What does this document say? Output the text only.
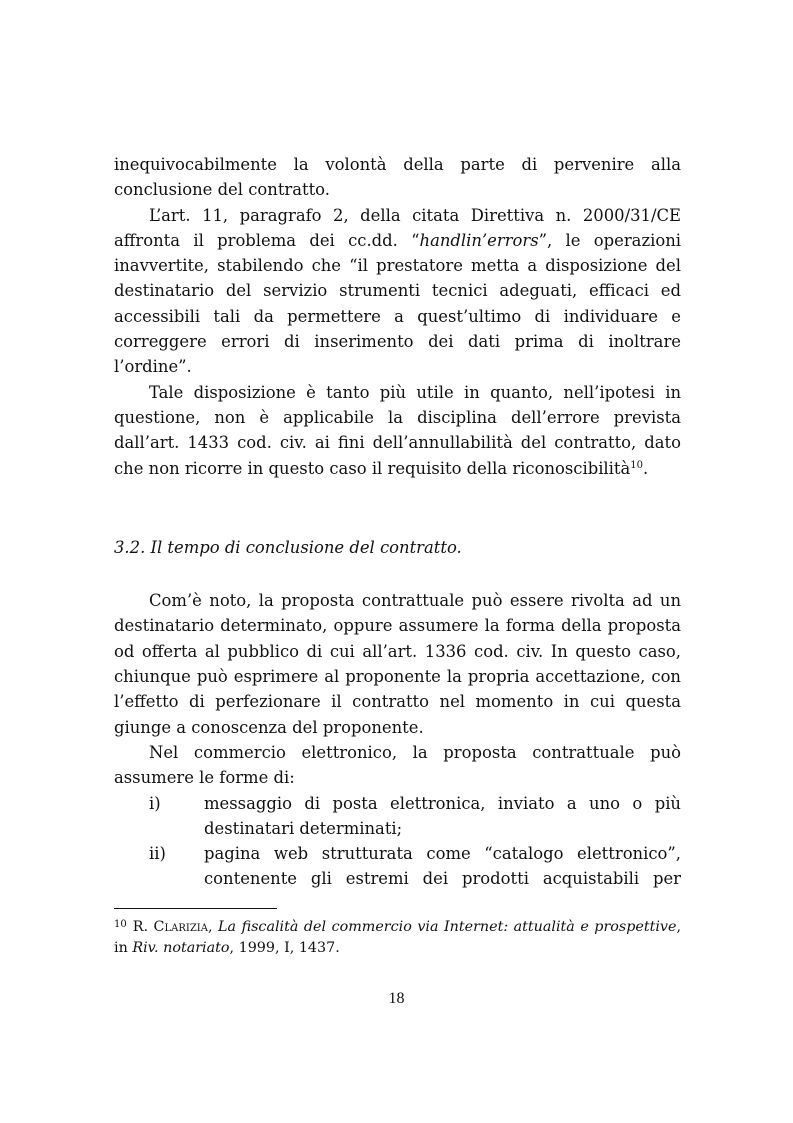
inequivocabilmente la volontà della parte di pervenire alla conclusione del contratto.

L’art. 11, paragrafo 2, della citata Direttiva n. 2000/31/CE affronta il problema dei cc.dd. “handlin’errors”, le operazioni inavvertite, stabilendo che “il prestatore metta a disposizione del destinatario del servizio strumenti tecnici adeguati, efficaci ed accessibili tali da permettere a quest’ultimo di individuare e correggere errori di inserimento dei dati prima di inoltrare l’ordine”.

Tale disposizione è tanto più utile in quanto, nell’ipotesi in questione, non è applicabile la disciplina dell’errore prevista dall’art. 1433 cod. civ. ai fini dell’annullabilità del contratto, dato che non ricorre in questo caso il requisito della riconoscibilità$^{10}$.

3.2. Il tempo di conclusione del contratto.

Com’è noto, la proposta contrattuale può essere rivolta ad un destinatario determinato, oppure assumere la forma della proposta od offerta al pubblico di cui all’art. 1336 cod. civ. In questo caso, chiunque può esprimere al proponente la propria accettazione, con l’effetto di perfezionare il contratto nel momento in cui questa giunge a conoscenza del proponente.

Nel commercio elettronico, la proposta contrattuale può assumere le forme di:

i)	messaggio di posta elettronica, inviato a uno o più destinatari determinati;
ii)	pagina web strutturata come “catalogo elettronico”, contenente gli estremi dei prodotti acquistabili per
$^{10}$ R. Clarizia, La fiscalità del commercio via Internet: attualità e prospettive, in Riv. notariato, 1999, I, 1437.
18
